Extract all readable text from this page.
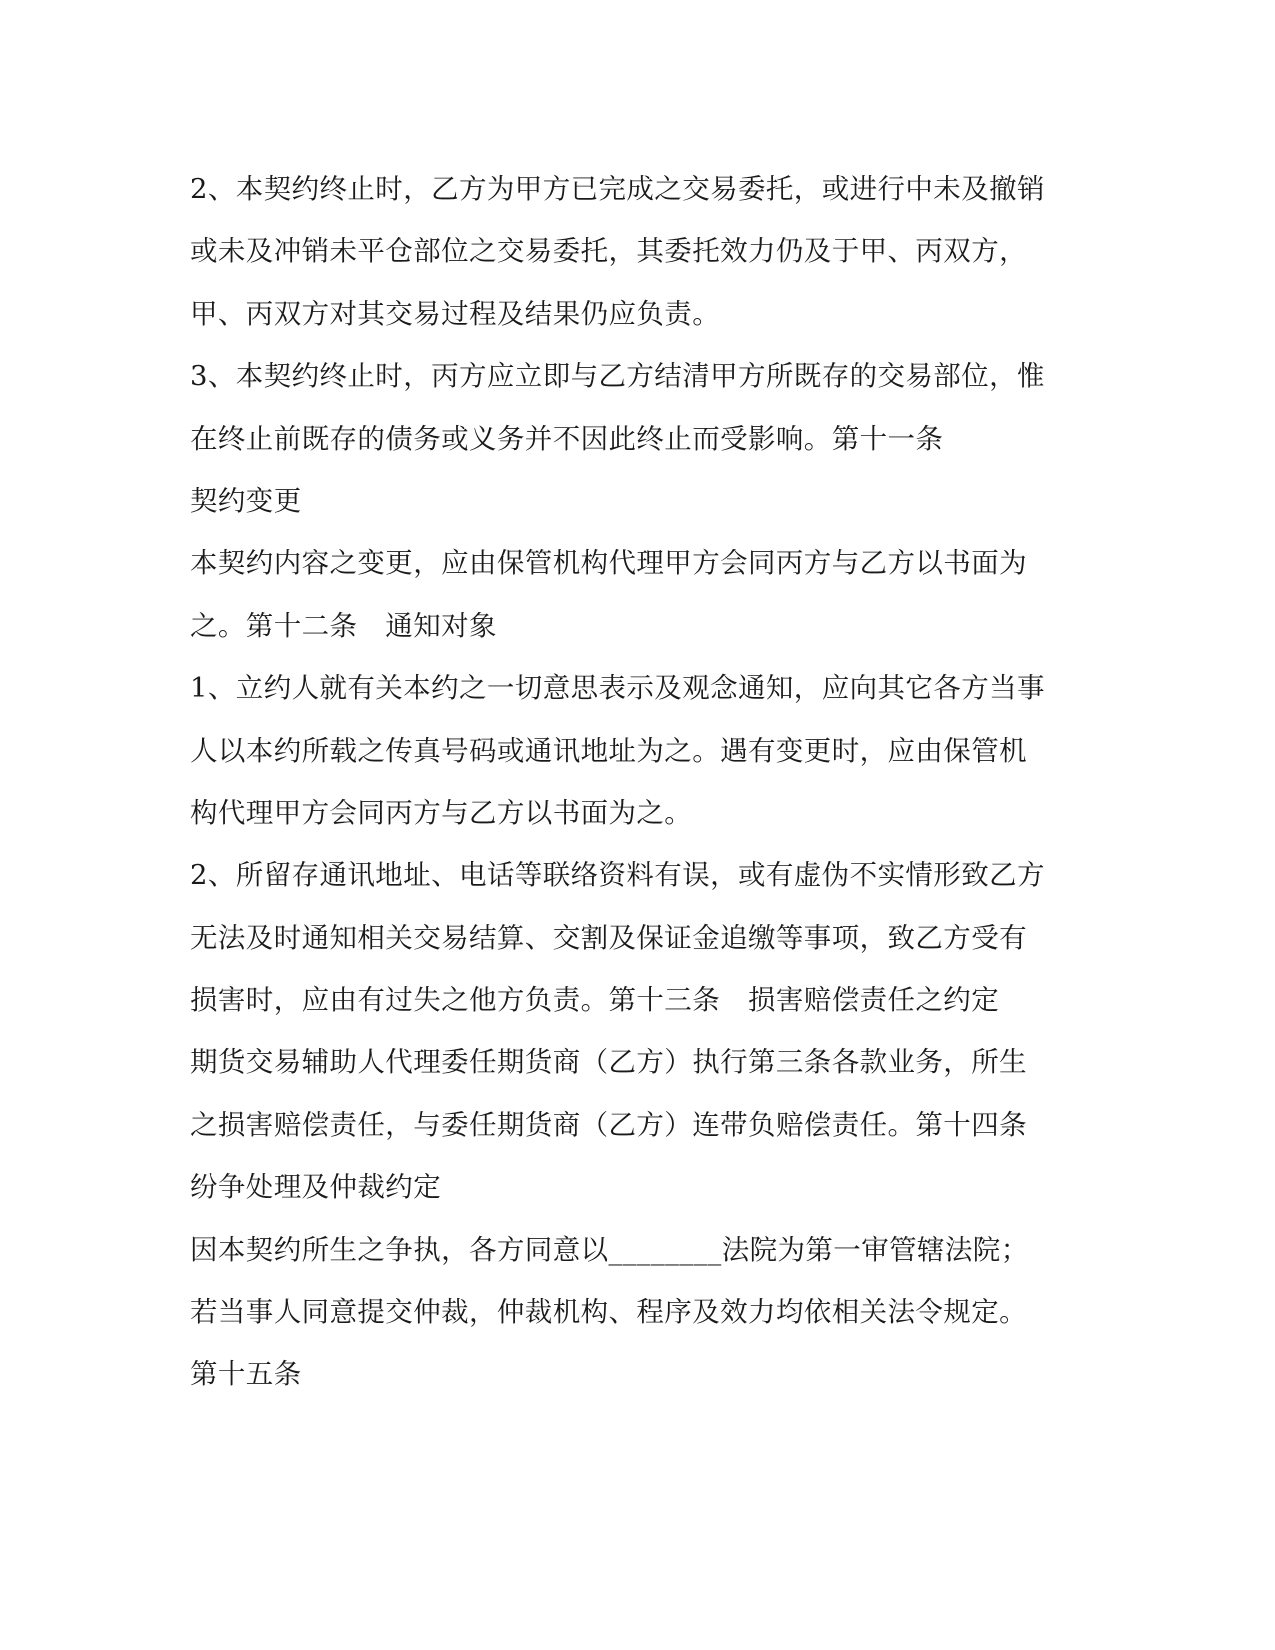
2、本契约终止时，乙方为甲方已完成之交易委托，或进行中未及撤销
或未及冲销未平仓部位之交易委托，其委托效力仍及于甲、丙双方，
甲、丙双方对其交易过程及结果仍应负责。
3、本契约终止时，丙方应立即与乙方结清甲方所既存的交易部位，惟
在终止前既存的债务或义务并不因此终止而受影响。第十一条
契约变更
本契约内容之变更，应由保管机构代理甲方会同丙方与乙方以书面为
之。第十二条　通知对象
1、立约人就有关本约之一切意思表示及观念通知，应向其它各方当事
人以本约所载之传真号码或通讯地址为之。遇有变更时，应由保管机
构代理甲方会同丙方与乙方以书面为之。
2、所留存通讯地址、电话等联络资料有误，或有虚伪不实情形致乙方
无法及时通知相关交易结算、交割及保证金追缴等事项，致乙方受有
损害时，应由有过失之他方负责。第十三条　损害赔偿责任之约定
期货交易辅助人代理委任期货商（乙方）执行第三条各款业务，所生
之损害赔偿责任，与委任期货商（乙方）连带负赔偿责任。第十四条
纷争处理及仲裁约定
因本契约所生之争执，各方同意以________法院为第一审管辖法院；
若当事人同意提交仲裁，仲裁机构、程序及效力均依相关法令规定。
第十五条
